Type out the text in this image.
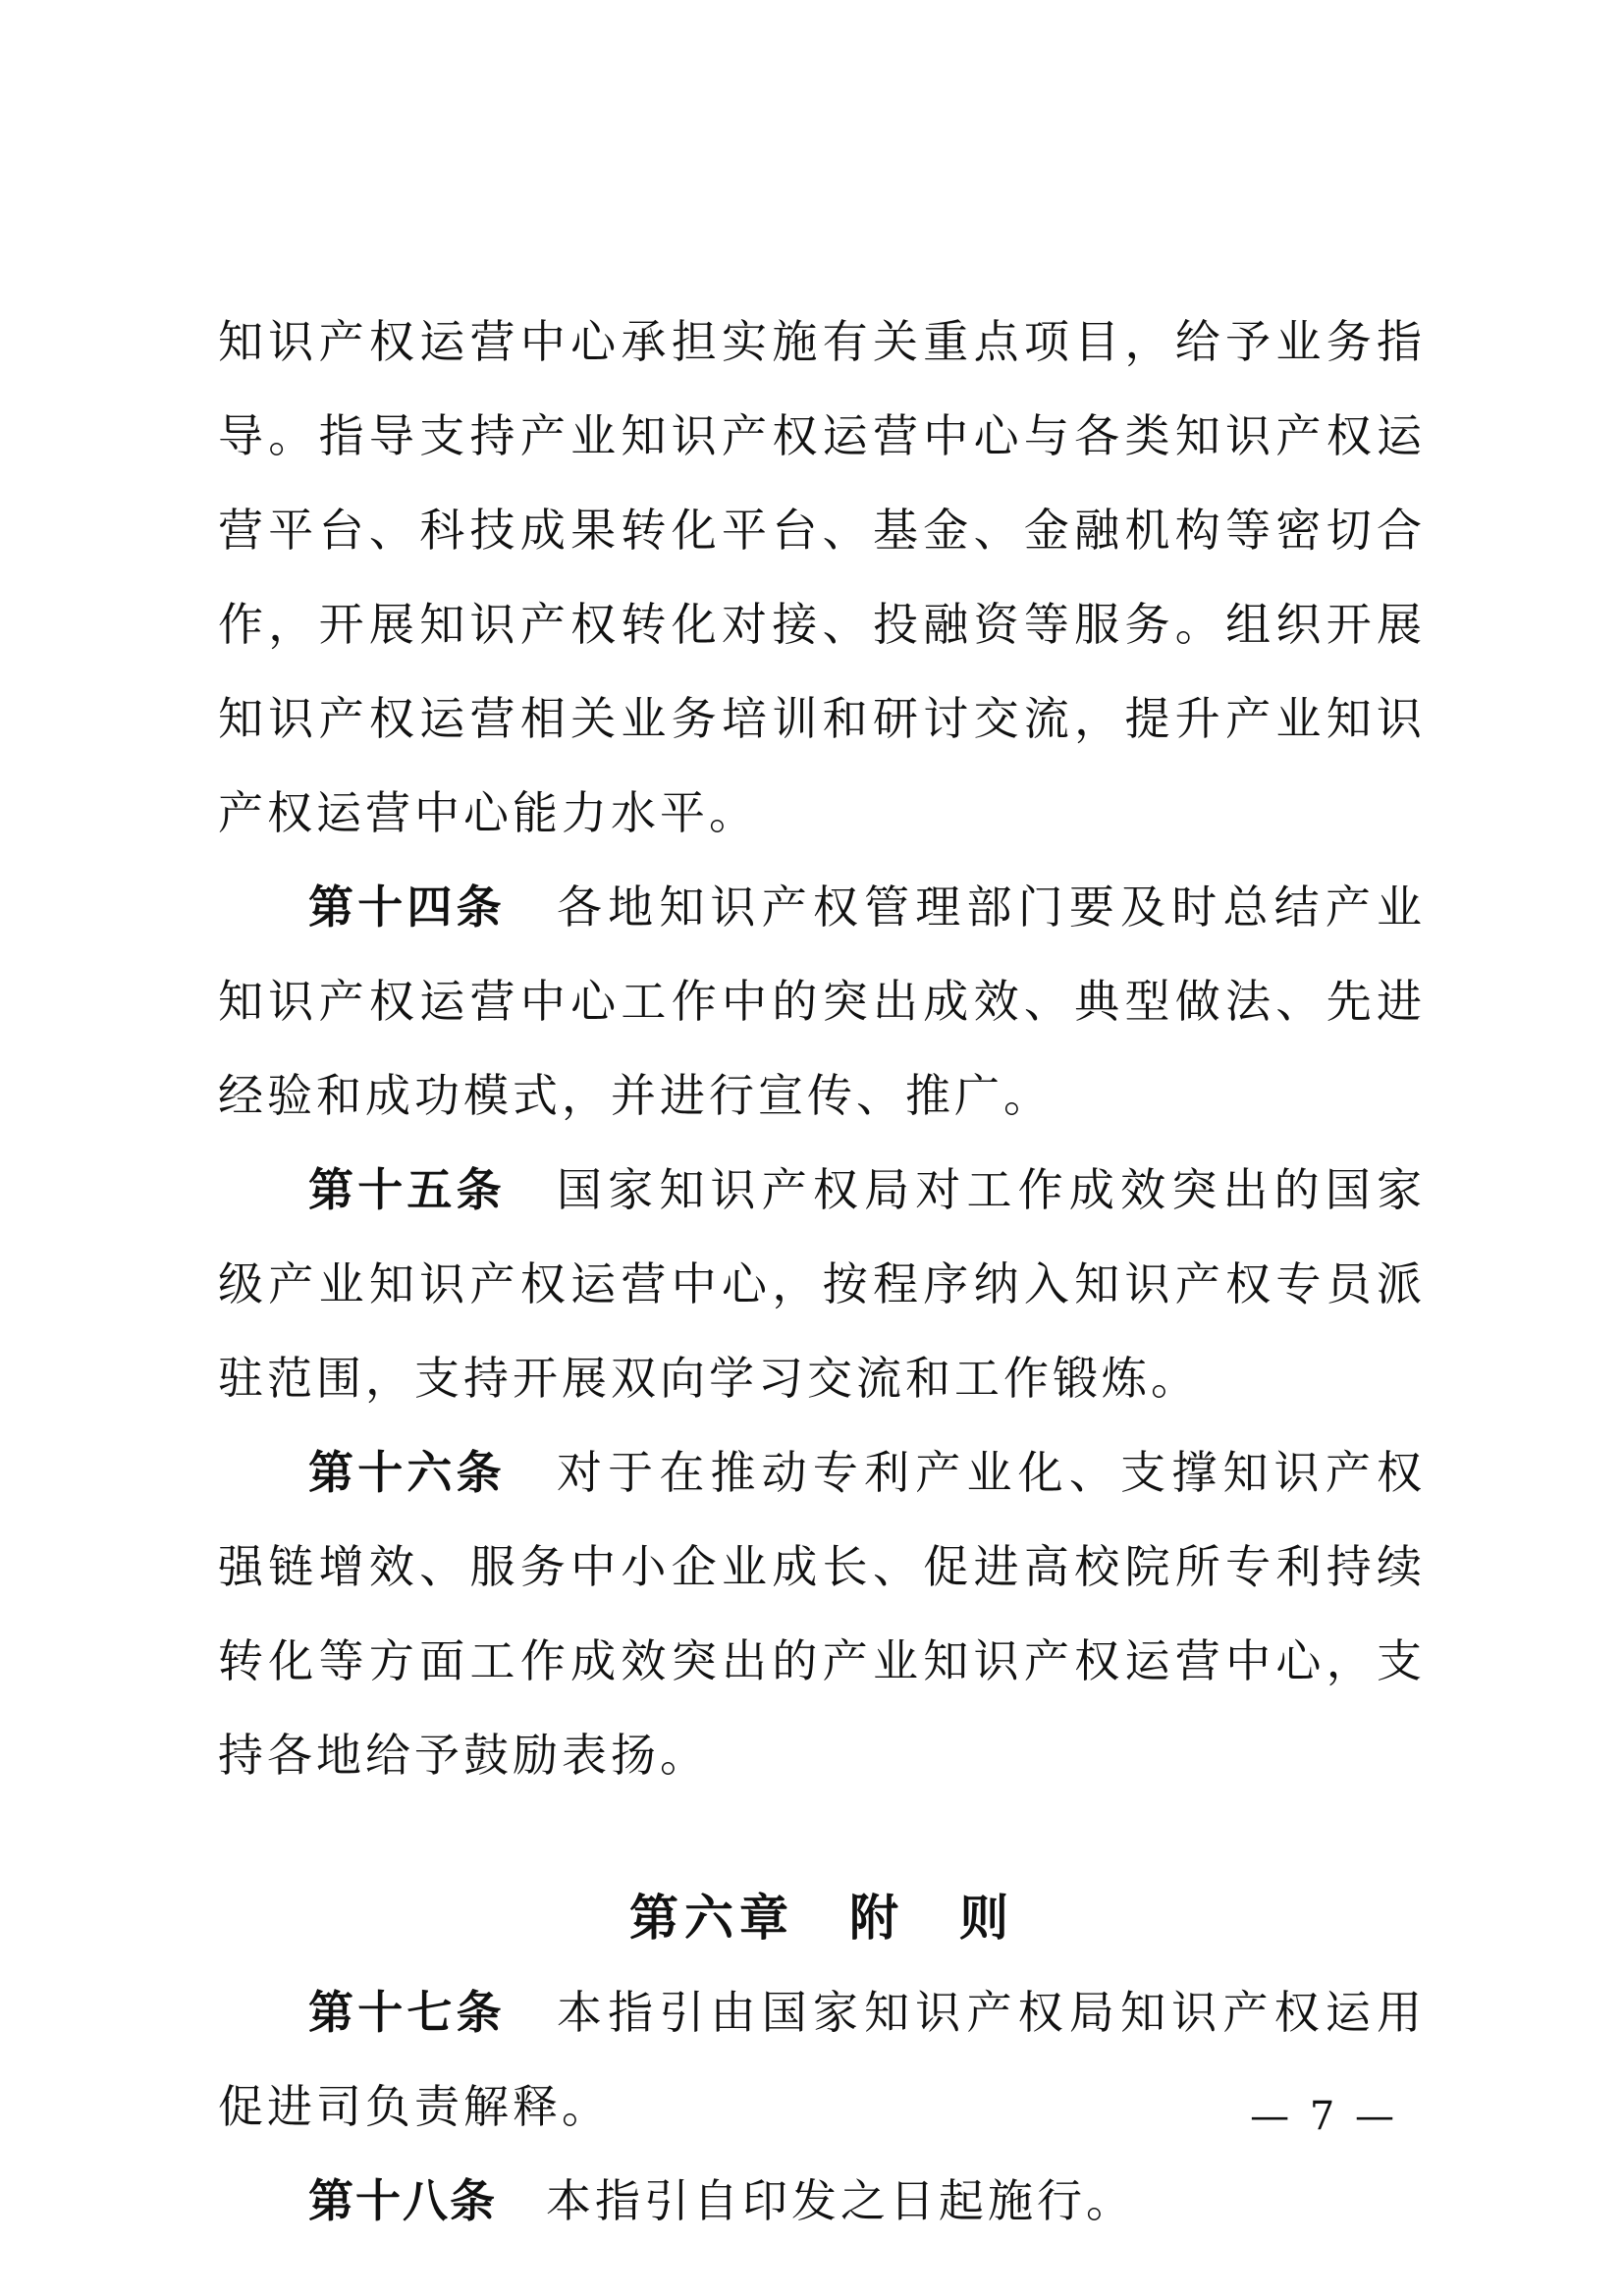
知识产权运营中心承担实施有关重点项目，给予业务指导。指导支持产业知识产权运营中心与各类知识产权运营平台、科技成果转化平台、基金、金融机构等密切合作，开展知识产权转化对接、投融资等服务。组织开展知识产权运营相关业务培训和研讨交流，提升产业知识产权运营中心能力水平。

第十四条　 各地知识产权管理部门要及时总结产业知识产权运营中心工作中的突出成效、典型做法、先进经验和成功模式，并进行宣传、推广。

第十五条　 国家知识产权局对工作成效突出的国家级产业知识产权运营中心，按程序纳入知识产权专员派驻范围，支持开展双向学习交流和工作锻炼。

第十六条　 对于在推动专利产业化、支撑知识产权强链增效、服务中小企业成长、促进高校院所专利持续转化等方面工作成效突出的产业知识产权运营中心，支持各地给予鼓励表扬。

第六章　附　则

第十七条　 本指引由国家知识产权局知识产权运用促进司负责解释。

第十八条　 本指引自印发之日起施行。

— 7 —
